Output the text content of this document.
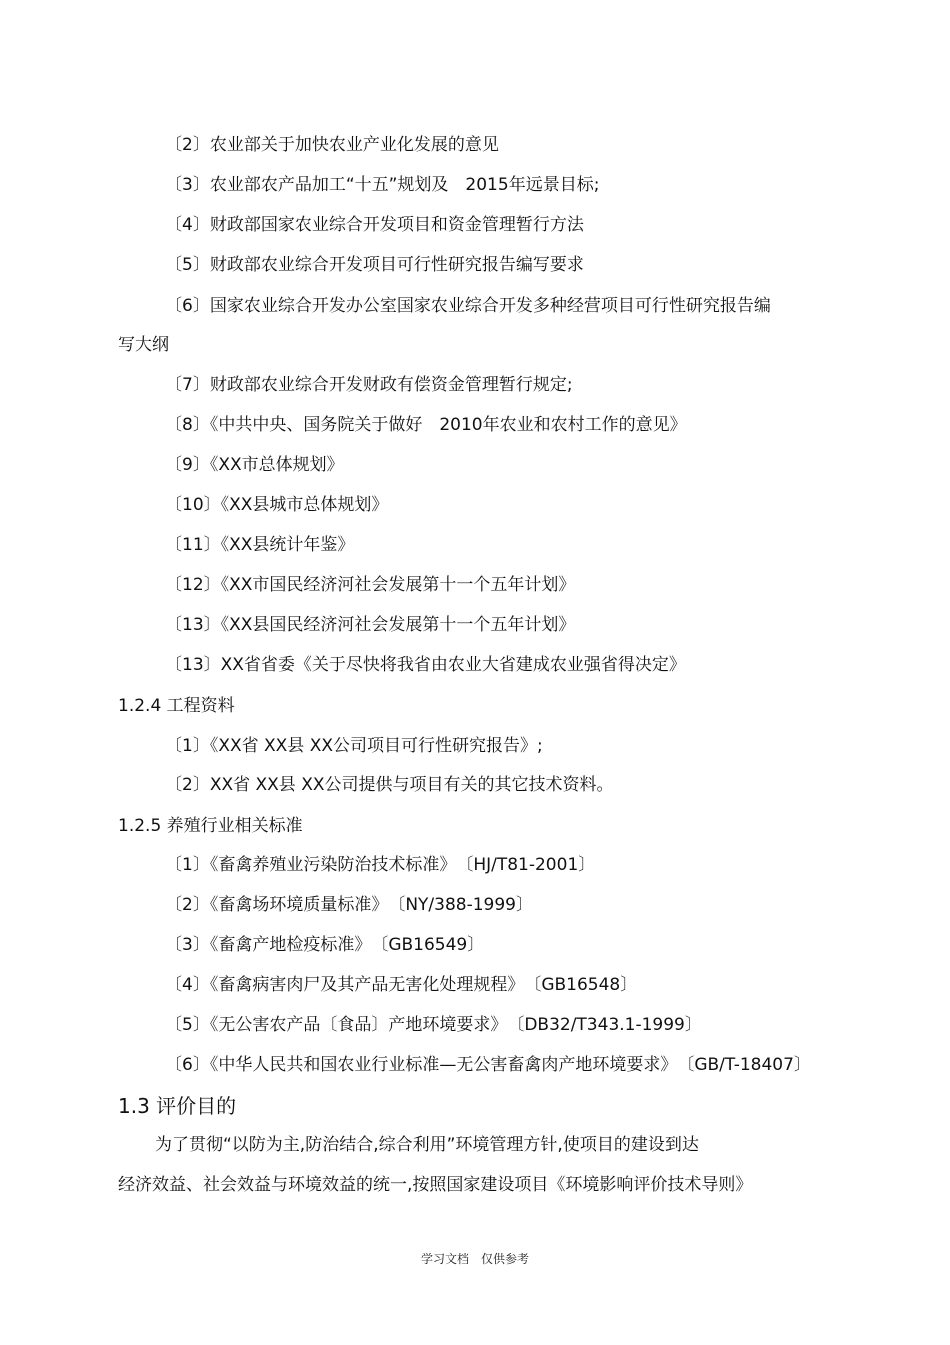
〔2〕农业部关于加快农业产业化发展的意见
〔3〕农业部农产品加工“十五”规划及　2015年远景目标;
〔4〕财政部国家农业综合开发项目和资金管理暂行方法
〔5〕财政部农业综合开发项目可行性研究报告编写要求
〔6〕国家农业综合开发办公室国家农业综合开发多种经营项目可行性研究报告编
写大纲
〔7〕财政部农业综合开发财政有偿资金管理暂行规定;
〔8〕《中共中央、国务院关于做好　2010年农业和农村工作的意见》
〔9〕《XX市总体规划》
〔10〕《XX县城市总体规划》
〔11〕《XX县统计年鉴》
〔12〕《XX市国民经济河社会发展第十一个五年计划》
〔13〕《XX县国民经济河社会发展第十一个五年计划》
〔13〕XX省省委《关于尽快将我省由农业大省建成农业强省得决定》
1.2.4 工程资料
〔1〕《XX省 XX县 XX公司项目可行性研究报告》;
〔2〕XX省 XX县 XX公司提供与项目有关的其它技术资料。
1.2.5 养殖行业相关标准
〔1〕《畜禽养殖业污染防治技术标准》　〔HJ/T81-2001〕
〔2〕《畜禽场环境质量标准》　〔NY/388-1999〕
〔3〕《畜禽产地检疫标准》　〔GB16549〕
〔4〕《畜禽病害肉尸及其产品无害化处理规程》　〔GB16548〕
〔5〕《无公害农产品〔食品〕产地环境要求》　〔DB32/T343.1-1999〕
〔6〕《中华人民共和国农业行业标准—无公害畜禽肉产地环境要求》　〔GB/T-18407〕
1.3 评价目的
为了贯彻“以防为主,防治结合,综合利用”环境管理方针,使项目的建设到达
经济效益、社会效益与环境效益的统一,按照国家建设项目《环境影响评价技术导则》
学习文档　仅供参考
